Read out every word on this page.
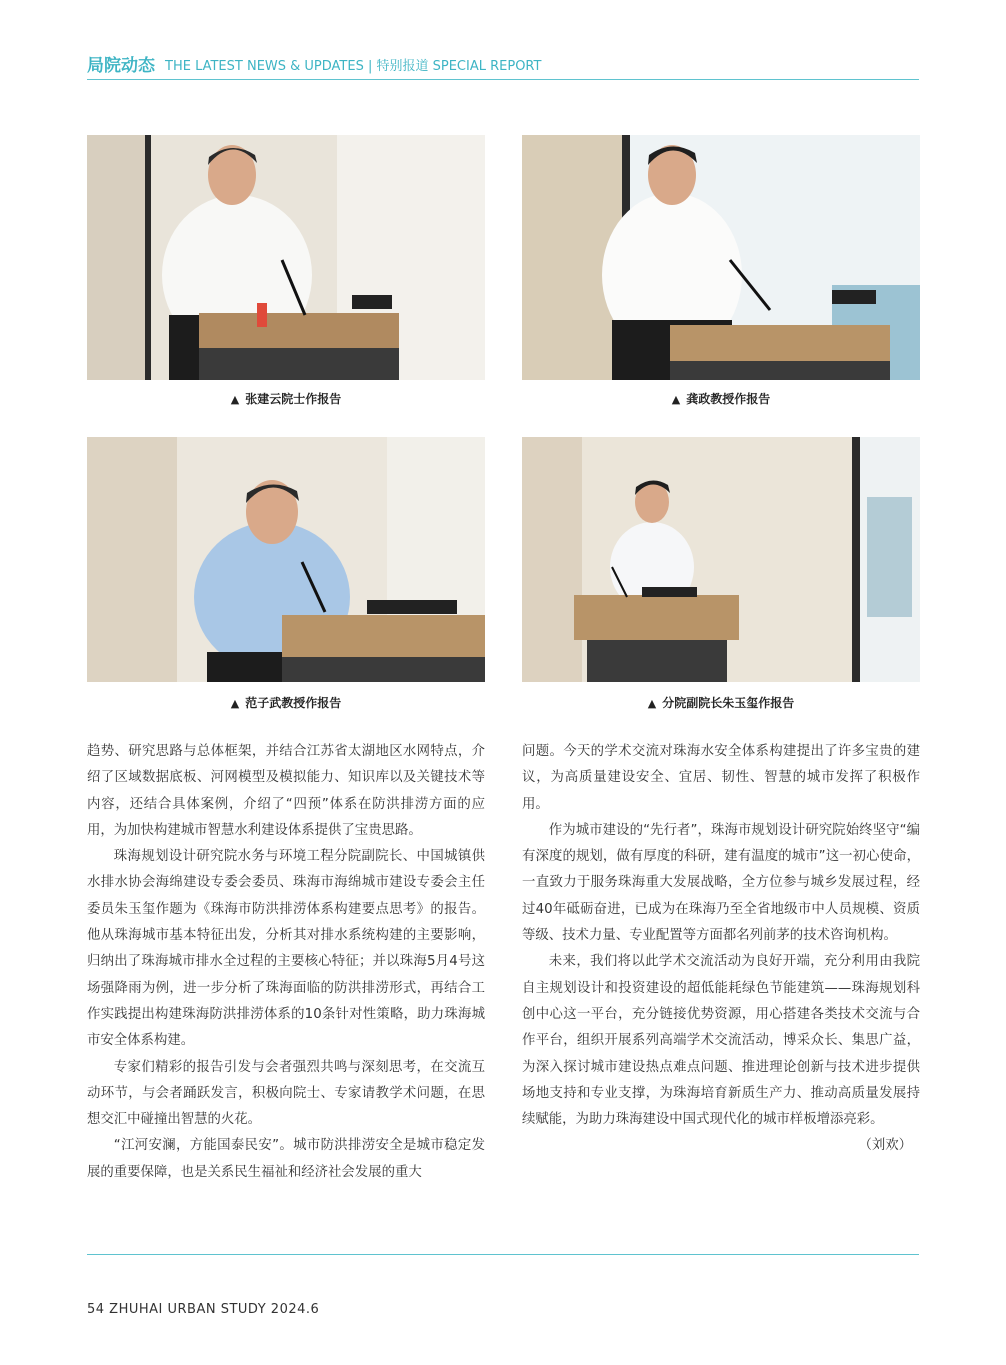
局院动态 THE LATEST NEWS & UPDATES | 特别报道 SPECIAL REPORT
▲ 张建云院士作报告	▲ 龚政教授作报告
▲ 范子武教授作报告	▲ 分院副院长朱玉玺作报告

趋势、研究思路与总体框架，并结合江苏省太湖地区水网特点，介绍了区域数据底板、河网模型及模拟能力、知识库以及关键技术等内容，还结合具体案例，介绍了“四预”体系在防洪排涝方面的应用，为加快构建城市智慧水利建设体系提供了宝贵思路。

珠海规划设计研究院水务与环境工程分院副院长、中国城镇供水排水协会海绵建设专委会委员、珠海市海绵城市建设专委会主任委员朱玉玺作题为《珠海市防洪排涝体系构建要点思考》的报告。他从珠海城市基本特征出发，分析其对排水系统构建的主要影响，归纳出了珠海城市排水全过程的主要核心特征；并以珠海5月4号这场强降雨为例，进一步分析了珠海面临的防洪排涝形式，再结合工作实践提出构建珠海防洪排涝体系的10条针对性策略，助力珠海城市安全体系构建。

专家们精彩的报告引发与会者强烈共鸣与深刻思考，在交流互动环节，与会者踊跃发言，积极向院士、专家请教学术问题，在思想交汇中碰撞出智慧的火花。

“江河安澜，方能国泰民安”。城市防洪排涝安全是城市稳定发展的重要保障，也是关系民生福祉和经济社会发展的重大

问题。今天的学术交流对珠海水安全体系构建提出了许多宝贵的建议，为高质量建设安全、宜居、韧性、智慧的城市发挥了积极作用。

作为城市建设的“先行者”，珠海市规划设计研究院始终坚守“编有深度的规划，做有厚度的科研，建有温度的城市”这一初心使命，一直致力于服务珠海重大发展战略，全方位参与城乡发展过程，经过40年砥砺奋进，已成为在珠海乃至全省地级市中人员规模、资质等级、技术力量、专业配置等方面都名列前茅的技术咨询机构。

未来，我们将以此学术交流活动为良好开端，充分利用由我院自主规划设计和投资建设的超低能耗绿色节能建筑——珠海规划科创中心这一平台，充分链接优势资源，用心搭建各类技术交流与合作平台，组织开展系列高端学术交流活动，博采众长、集思广益，为深入探讨城市建设热点难点问题、推进理论创新与技术进步提供场地支持和专业支撑，为珠海培育新质生产力、推动高质量发展持续赋能，为助力珠海建设中国式现代化的城市样板增添亮彩。

（刘欢）

54 ZHUHAI URBAN STUDY 2024.6
